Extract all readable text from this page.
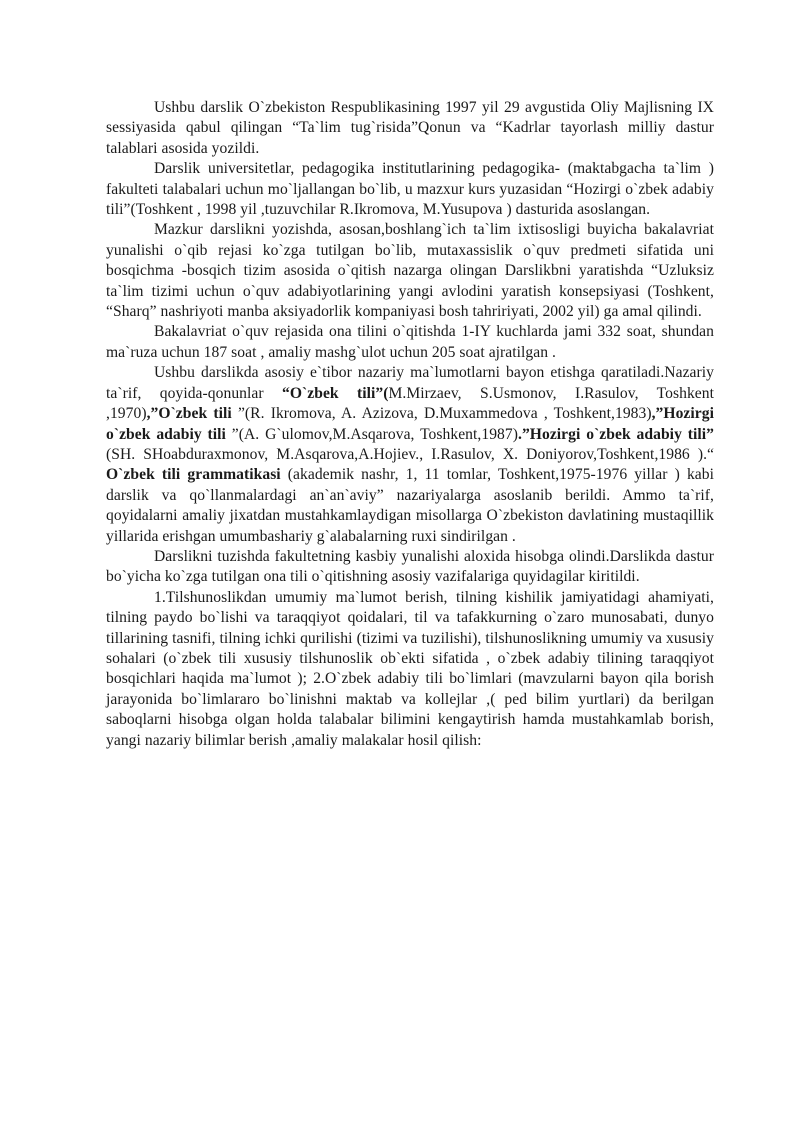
Ushbu darslik O`zbekiston Respublikasining 1997 yil 29 avgustida Oliy Majlisning IX sessiyasida qabul qilingan “Ta`lim tug`risida”Qonun va “Kadrlar tayorlash milliy dastur talablari asosida yozildi.

Darslik universitetlar, pedagogika institutlarining pedagogika- (maktabgacha ta`lim ) fakulteti talabalari uchun mo`ljallangan bo`lib, u mazxur kurs yuzasidan “Hozirgi o`zbek adabiy tili”(Toshkent , 1998 yil ,tuzuvchilar R.Ikromova, M.Yusupova ) dasturida asoslangan.

Mazkur darslikni yozishda, asosan,boshlang`ich ta`lim ixtisosligi buyicha bakalavriat yunalishi o`qib rejasi ko`zga tutilgan bo`lib, mutaxassislik o`quv predmeti sifatida uni bosqichma -bosqich tizim asosida o`qitish nazarga olingan Darslikbni yaratishda “Uzluksiz ta`lim tizimi uchun o`quv adabiyotlarining yangi avlodini yaratish konsepsiyasi (Toshkent, “Sharq” nashriyoti manba aksiyadorlik kompaniyasi bosh tahririyati, 2002 yil) ga amal qilindi.

Bakalavriat o`quv rejasida ona tilini o`qitishda 1-IY kuchlarda jami 332 soat, shundan ma`ruza uchun 187 soat , amaliy mashg`ulot uchun 205 soat ajratilgan .

Ushbu darslikda asosiy e`tibor nazariy ma`lumotlarni bayon etishga qaratiladi.Nazariy ta`rif, qoyida-qonunlar “O`zbek tili”(M.Mirzaev, S.Usmonov, I.Rasulov, Toshkent ,1970),”O`zbek tili ”(R. Ikromova, A. Azizova, D.Muxammedova , Toshkent,1983),”Hozirgi o`zbek adabiy tili ”(A. G`ulomov,M.Asqarova, Toshkent,1987).”Hozirgi o`zbek adabiy tili” (SH. SHoabduraxmonov, M.Asqarova,A.Hojiev., I.Rasulov, X. Doniyorov,Toshkent,1986 ).“ O`zbek tili grammatikasi (akademik nashr, 1, 11 tomlar, Toshkent,1975-1976 yillar ) kabi darslik va qo`llanmalardagi an`an`aviy” nazariyalarga asoslanib berildi. Ammo ta`rif, qoyidalarni amaliy jixatdan mustahkamlaydigan misollarga O`zbekiston davlatining mustaqillik yillarida erishgan umumbashariy g`alabalarning ruxi sindirilgan .

Darslikni tuzishda fakultetning kasbiy yunalishi aloxida hisobga olindi.Darslikda dastur bo`yicha ko`zga tutilgan ona tili o`qitishning asosiy vazifalariga quyidagilar kiritildi.

1.Tilshunoslikdan umumiy ma`lumot berish, tilning kishilik jamiyatidagi ahamiyati, tilning paydo bo`lishi va taraqqiyot qoidalari, til va tafakkurning o`zaro munosabati, dunyo tillarining tasnifi, tilning ichki qurilishi (tizimi va tuzilishi), tilshunoslikning umumiy va xususiy sohalari (o`zbek tili xususiy tilshunoslik ob`ekti sifatida , o`zbek adabiy tilining taraqqiyot bosqichlari haqida ma`lumot ); 2.O`zbek adabiy tili bo`limlari (mavzularni bayon qila borish jarayonida bo`limlararo bo`linishni maktab va kollejlar ,( ped bilim yurtlari) da berilgan saboqlarni hisobga olgan holda talabalar bilimini kengaytirish hamda mustahkamlab borish, yangi nazariy bilimlar berish ,amaliy malakalar hosil qilish:
